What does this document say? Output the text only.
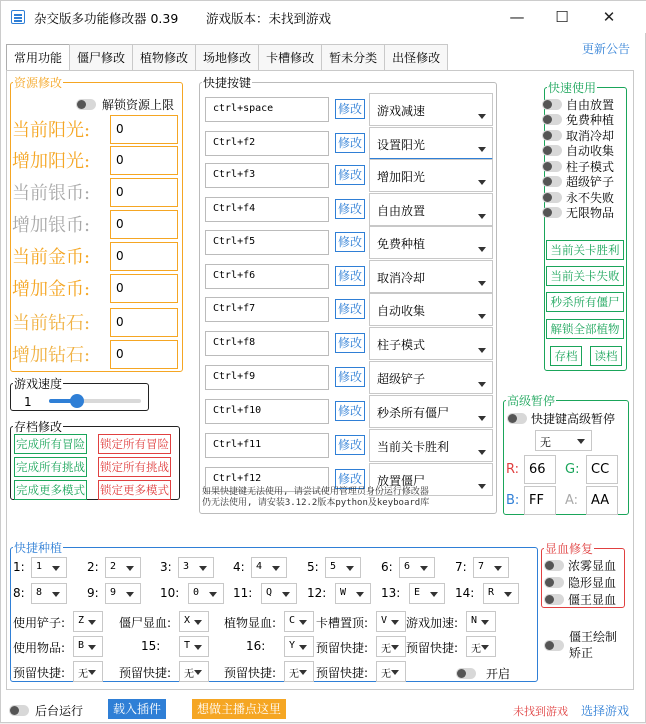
杂交版多功能修改器 0.39 游戏版本：未找到游戏	—	☐	✕
更新公告
常用功能	僵尸修改	植物修改	场地修改	卡槽修改	暂未分类	出怪修改
资源修改
解锁资源上限
当前阳光:	0
增加阳光:	0
当前银币:	0
增加银币:	0
当前金币:	0
增加金币:	0
当前钻石:	0
增加钻石:	0
游戏速度
1
存档修改
完成所有冒险 锁定所有冒险
完成所有挑战 锁定所有挑战
完成更多模式 锁定更多模式
快捷按键
ctrl+space	修改	游戏减速
Ctrl+f2	修改	设置阳光
Ctrl+f3	修改	增加阳光
Ctrl+f4	修改	自由放置
Ctrl+f5	修改	免费种植
Ctrl+f6	修改	取消冷却
Ctrl+f7	修改	自动收集
Ctrl+f8	修改	柱子模式
Ctrl+f9	修改	超级铲子
Ctrl+f10	修改	秒杀所有僵尸
Ctrl+f11	修改	当前关卡胜利
Ctrl+f12	修改	放置僵尸
如果快捷键无法使用, 请尝试使用管理员身份运行修改器
仍无法使用, 请安装3.12.2版本python及keyboard库
快速使用
自由放置
免费种植
取消冷却
自动收集
柱子模式
超级铲子
永不失败
无限物品
当前关卡胜利
当前关卡失败
秒杀所有僵尸
解锁全部植物
存档	读档
高级暂停
快捷键高级暂停
无
R: 66	G: CC
B: FF	A: AA
快捷种植
1:	1	2:	2	3:	3	4:	4	5:	5	6:	6	7:	7
8:	8	9:	9	10:	0	11:	Q	12:	W	13:	E	14:	R
使用铲子:	Z	僵尸显血:	X	植物显血:	C	卡槽置顶:	V	游戏加速:	N
使用物品:	B	15:	T	16:	Y	预留快捷:	无	预留快捷:	无
预留快捷:	无	预留快捷:	无	预留快捷:	无	预留快捷:	无	开启
显血修复
浓雾显血
隐形显血
僵王显血
僵王绘制
矫正
后台运行	载入插件	想做主播点这里	未找到游戏 选择游戏
